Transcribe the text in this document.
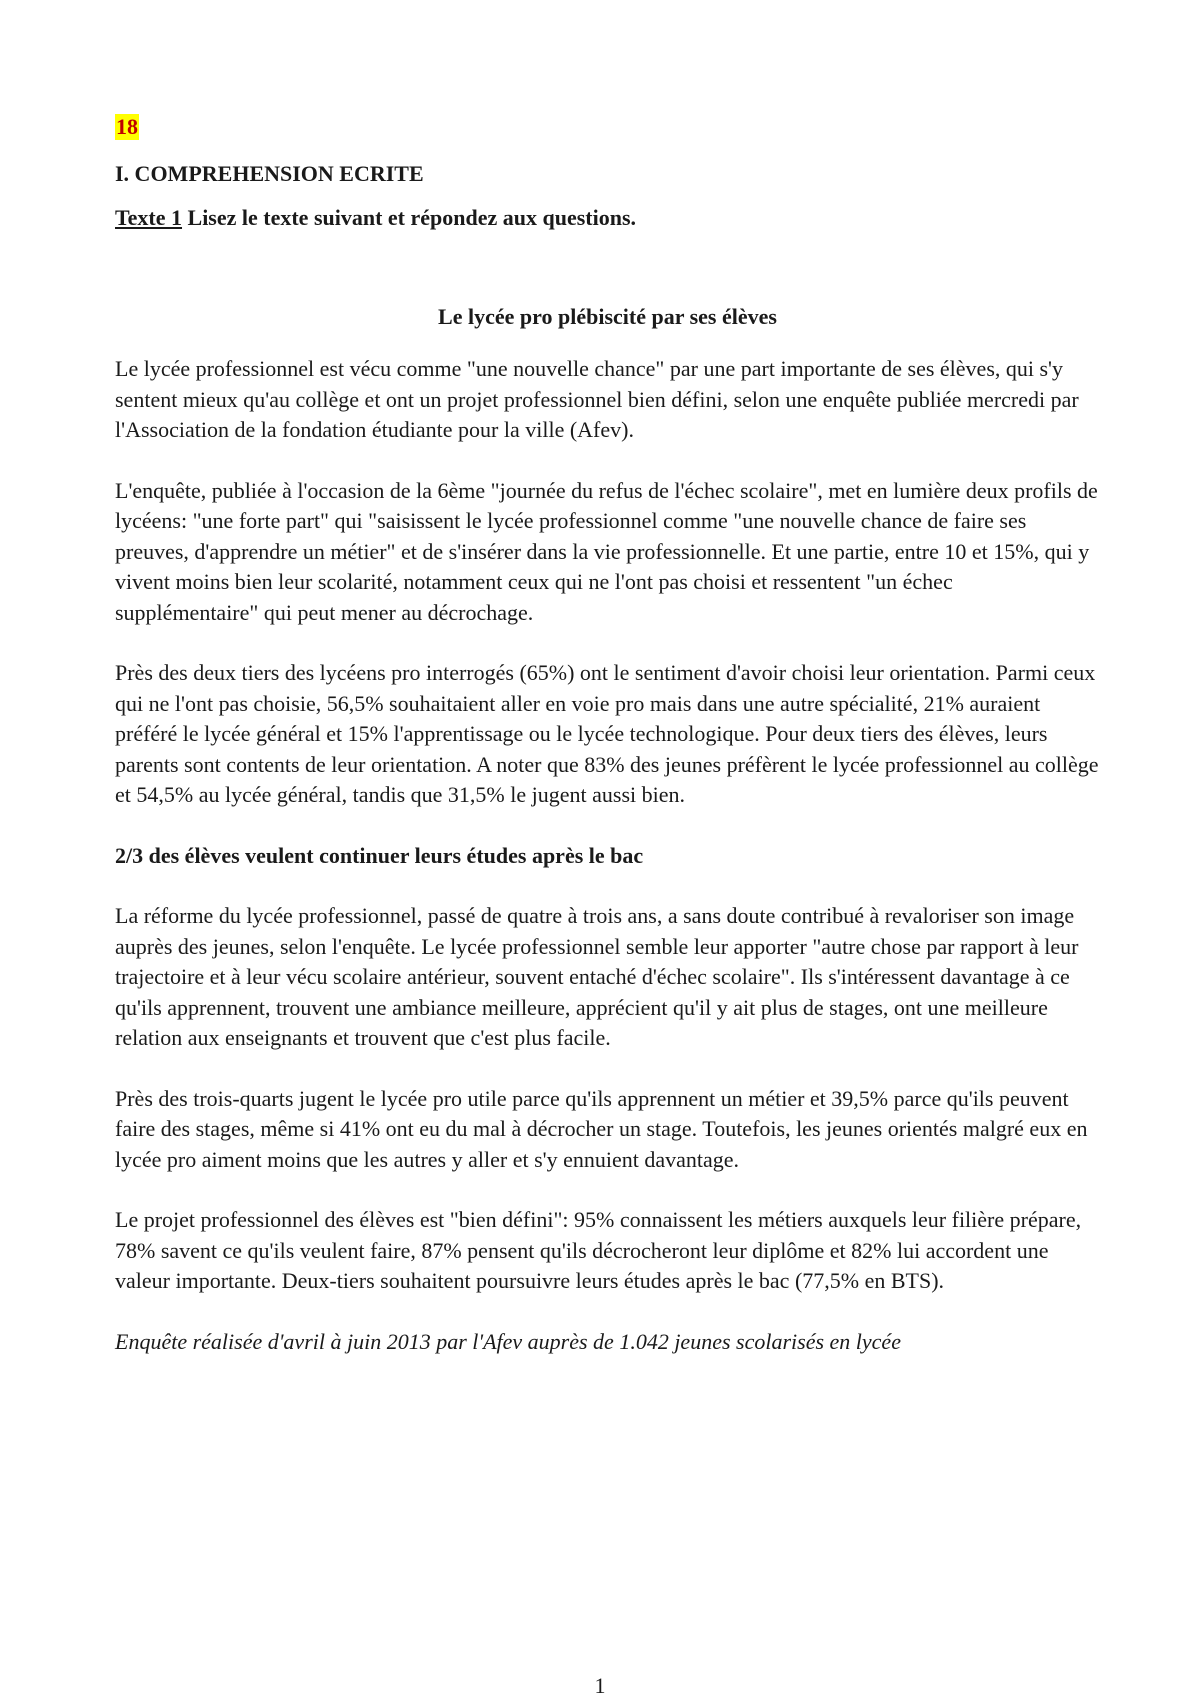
18
I. COMPREHENSION ECRITE
Texte 1 Lisez le texte suivant et répondez aux questions.
Le lycée pro plébiscité par ses élèves

Le lycée professionnel est vécu comme "une nouvelle chance" par une part importante de ses élèves, qui s'y sentent mieux qu'au collège et ont un projet professionnel bien défini, selon une enquête publiée mercredi par l'Association de la fondation étudiante pour la ville (Afev).

L'enquête, publiée à l'occasion de la 6ème "journée du refus de l'échec scolaire", met en lumière deux profils de lycéens: "une forte part" qui "saisissent le lycée professionnel comme "une nouvelle chance de faire ses preuves, d'apprendre un métier" et de s'insérer dans la vie professionnelle. Et une partie, entre 10 et 15%, qui y vivent moins bien leur scolarité, notamment ceux qui ne l'ont pas choisi et ressentent "un échec supplémentaire" qui peut mener au décrochage.

Près des deux tiers des lycéens pro interrogés (65%) ont le sentiment d'avoir choisi leur orientation. Parmi ceux qui ne l'ont pas choisie, 56,5% souhaitaient aller en voie pro mais dans une autre spécialité, 21% auraient préféré le lycée général et 15% l'apprentissage ou le lycée technologique. Pour deux tiers des élèves, leurs parents sont contents de leur orientation. A noter que 83% des jeunes préfèrent le lycée professionnel au collège et 54,5% au lycée général, tandis que 31,5% le jugent aussi bien.

2/3 des élèves veulent continuer leurs études après le bac

La réforme du lycée professionnel, passé de quatre à trois ans, a sans doute contribué à revaloriser son image auprès des jeunes, selon l'enquête. Le lycée professionnel semble leur apporter "autre chose par rapport à leur trajectoire et à leur vécu scolaire antérieur, souvent entaché d'échec scolaire". Ils s'intéressent davantage à ce qu'ils apprennent, trouvent une ambiance meilleure, apprécient qu'il y ait plus de stages, ont une meilleure relation aux enseignants et trouvent que c'est plus facile.

Près des trois-quarts jugent le lycée pro utile parce qu'ils apprennent un métier et 39,5% parce qu'ils peuvent faire des stages, même si 41% ont eu du mal à décrocher un stage. Toutefois, les jeunes orientés malgré eux en lycée pro aiment moins que les autres y aller et s'y ennuient davantage.

Le projet professionnel des élèves est "bien défini": 95% connaissent les métiers auxquels leur filière prépare, 78% savent ce qu'ils veulent faire, 87% pensent qu'ils décrocheront leur diplôme et 82% lui accordent une valeur importante. Deux-tiers souhaitent poursuivre leurs études après le bac (77,5% en BTS).

Enquête réalisée d'avril à juin 2013 par l'Afev auprès de 1.042 jeunes scolarisés en lycée

1
